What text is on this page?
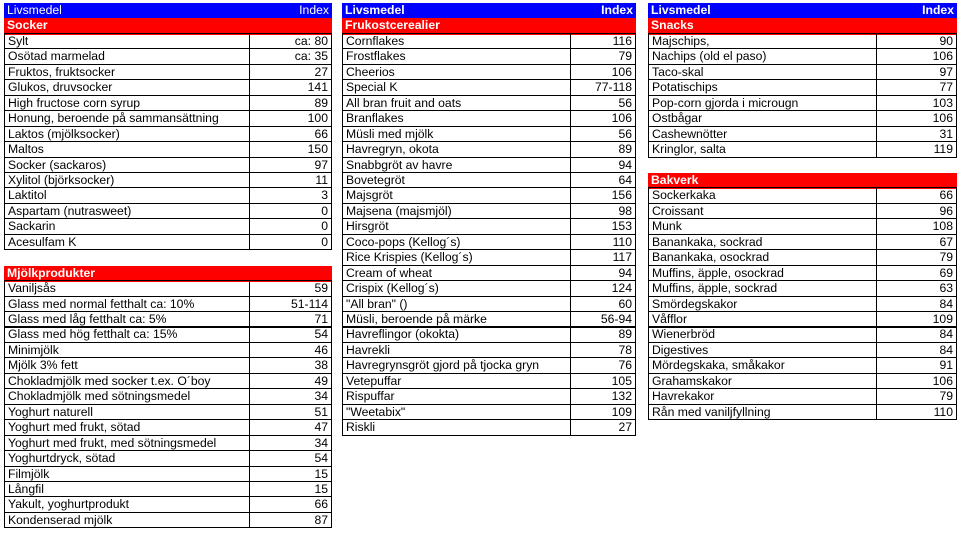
Livsmedel	Index
Socker
Sylt	ca: 80
Osötad marmelad	ca: 35
Fruktos, fruktsocker	27
Glukos, druvsocker	141
High fructose corn syrup	89
Honung, beroende på sammansättning	100
Laktos (mjölksocker)	66
Maltos	150
Socker (sackaros)	97
Xylitol (björksocker)	11
Laktitol	3
Aspartam (nutrasweet)	0
Sackarin	0
Acesulfam K	0
Mjölkprodukter
Vaniljsås	59
Glass med normal fetthalt ca: 10%	51-114
Glass med låg fetthalt ca: 5%	71
Glass med hög fetthalt ca: 15%	54
Minimjölk	46
Mjölk 3% fett	38
Chokladmjölk med socker t.ex. O´boy	49
Chokladmjölk med sötningsmedel	34
Yoghurt naturell	51
Yoghurt med frukt, sötad	47
Yoghurt med frukt, med sötningsmedel	34
Yoghurtdryck, sötad	54
Filmjölk	15
Långfil	15
Yakult, yoghurtprodukt	66
Kondenserad mjölk	87
Livsmedel	Index
Frukostcerealier
Cornflakes	116
Frostflakes	79
Cheerios	106
Special K	77-118
All bran fruit and oats	56
Branflakes	106
Müsli med mjölk	56
Havregryn, okota	89
Snabbgröt av havre	94
Bovetegröt	64
Majsgröt	156
Majsena (majsmjöl)	98
Hirsgröt	153
Coco-pops (Kellog´s)	110
Rice Krispies (Kellog´s)	117
Cream of wheat	94
Crispix (Kellog´s)	124
"All bran" ()	60
Müsli, beroende på märke	56-94
Havreflingor (okokta)	89
Havrekli	78
Havregrynsgröt gjord på tjocka gryn	76
Vetepuffar	105
Rispuffar	132
"Weetabix"	109
Riskli	27
Livsmedel	Index
Snacks
Majschips,	90
Nachips (old el paso)	106
Taco-skal	97
Potatischips	77
Pop-corn gjorda i microugn	103
Ostbågar	106
Cashewnötter	31
Kringlor, salta	119
Bakverk
Sockerkaka	66
Croissant	96
Munk	108
Banankaka, sockrad	67
Banankaka, osockrad	79
Muffins, äpple, osockrad	69
Muffins, äpple, sockrad	63
Smördegskakor	84
Våfflor	109
Wienerbröd	84
Digestives	84
Mördegskaka, småkakor	91
Grahamskakor	106
Havrekakor	79
Rån med vaniljfyllning	110
